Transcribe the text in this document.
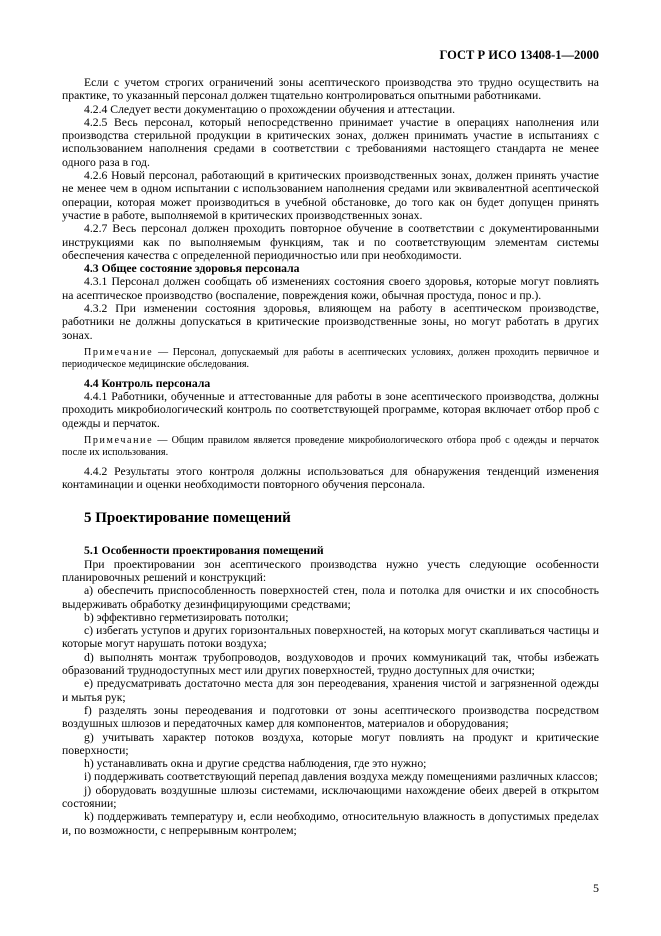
ГОСТ Р ИСО 13408-1—2000

Если с учетом строгих ограничений зоны асептического производства это трудно осуществить на практике, то указанный персонал должен тщательно контролироваться опытными работниками.

4.2.4 Следует вести документацию о прохождении обучения и аттестации.

4.2.5 Весь персонал, который непосредственно принимает участие в операциях наполнения или производства стерильной продукции в критических зонах, должен принимать участие в испытаниях с использованием наполнения средами в соответствии с требованиями настоящего стандарта не менее одного раза в год.

4.2.6 Новый персонал, работающий в критических производственных зонах, должен принять участие не менее чем в одном испытании с использованием наполнения средами или эквивалентной асептической операции, которая может производиться в учебной обстановке, до того как он будет допущен принять участие в работе, выполняемой в критических производственных зонах.

4.2.7 Весь персонал должен проходить повторное обучение в соответствии с документированными инструкциями как по выполняемым функциям, так и по соответствующим элементам системы обеспечения качества с определенной периодичностью или при необходимости.

4.3 Общее состояние здоровья персонала

4.3.1 Персонал должен сообщать об изменениях состояния своего здоровья, которые могут повлиять на асептическое производство (воспаление, повреждения кожи, обычная простуда, понос и пр.).

4.3.2 При изменении состояния здоровья, влияющем на работу в асептическом производстве, работники не должны допускаться в критические производственные зоны, но могут работать в других зонах.

Примечание — Персонал, допускаемый для работы в асептических условиях, должен проходить первичное и периодическое медицинские обследования.

4.4 Контроль персонала

4.4.1 Работники, обученные и аттестованные для работы в зоне асептического производства, должны проходить микробиологический контроль по соответствующей программе, которая включает отбор проб с одежды и перчаток.

Примечание — Общим правилом является проведение микробиологического отбора проб с одежды и перчаток после их использования.

4.4.2 Результаты этого контроля должны использоваться для обнаружения тенденций изменения контаминации и оценки необходимости повторного обучения персонала.

5 Проектирование помещений

5.1 Особенности проектирования помещений

При проектировании зон асептического производства нужно учесть следующие особенности планировочных решений и конструкций:

а) обеспечить приспособленность поверхностей стен, пола и потолка для очистки и их способность выдерживать обработку дезинфицирующими средствами;

b) эффективно герметизировать потолки;

c) избегать уступов и других горизонтальных поверхностей, на которых могут скапливаться частицы и которые могут нарушать потоки воздуха;

d) выполнять монтаж трубопроводов, воздуховодов и прочих коммуникаций так, чтобы избежать образований труднодоступных мест или других поверхностей, трудно доступных для очистки;

e) предусматривать достаточно места для зон переодевания, хранения чистой и загрязненной одежды и мытья рук;

f) разделять зоны переодевания и подготовки от зоны асептического производства посредством воздушных шлюзов и передаточных камер для компонентов, материалов и оборудования;

g) учитывать характер потоков воздуха, которые могут повлиять на продукт и критические поверхности;

h) устанавливать окна и другие средства наблюдения, где это нужно;

i) поддерживать соответствующий перепад давления воздуха между помещениями различных классов;

j) оборудовать воздушные шлюзы системами, исключающими нахождение обеих дверей в открытом состоянии;

k) поддерживать температуру и, если необходимо, относительную влажность в допустимых пределах и, по возможности, с непрерывным контролем;

5
